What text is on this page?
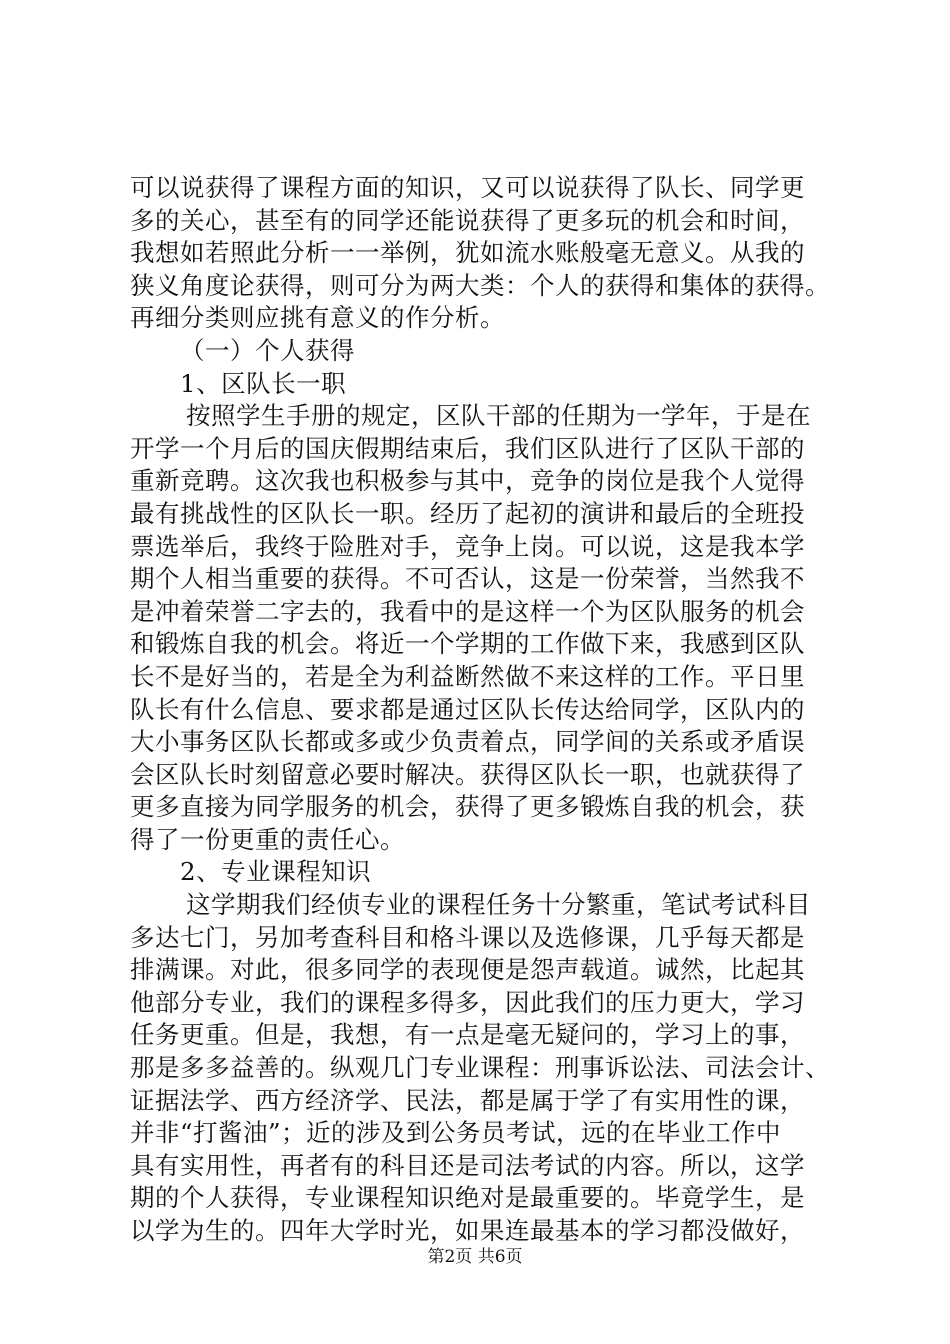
可以说获得了课程方面的知识，又可以说获得了队长、同学更
多的关心，甚至有的同学还能说获得了更多玩的机会和时间，
我想如若照此分析一一举例，犹如流水账般毫无意义。从我的
狭义角度论获得，则可分为两大类：个人的获得和集体的获得。
再细分类则应挑有意义的作分析。
（一）个人获得
1、区队长一职
按照学生手册的规定，区队干部的任期为一学年，于是在
开学一个月后的国庆假期结束后，我们区队进行了区队干部的
重新竞聘。这次我也积极参与其中，竞争的岗位是我个人觉得
最有挑战性的区队长一职。经历了起初的演讲和最后的全班投
票选举后，我终于险胜对手，竞争上岗。可以说，这是我本学
期个人相当重要的获得。不可否认，这是一份荣誉，当然我不
是冲着荣誉二字去的，我看中的是这样一个为区队服务的机会
和锻炼自我的机会。将近一个学期的工作做下来，我感到区队
长不是好当的，若是全为利益断然做不来这样的工作。平日里
队长有什么信息、要求都是通过区队长传达给同学，区队内的
大小事务区队长都或多或少负责着点，同学间的关系或矛盾误
会区队长时刻留意必要时解决。获得区队长一职，也就获得了
更多直接为同学服务的机会，获得了更多锻炼自我的机会，获
得了一份更重的责任心。
2、专业课程知识
这学期我们经侦专业的课程任务十分繁重，笔试考试科目
多达七门，另加考查科目和格斗课以及选修课，几乎每天都是
排满课。对此，很多同学的表现便是怨声载道。诚然，比起其
他部分专业，我们的课程多得多，因此我们的压力更大，学习
任务更重。但是，我想，有一点是毫无疑问的，学习上的事，
那是多多益善的。纵观几门专业课程：刑事诉讼法、司法会计、
证据法学、西方经济学、民法，都是属于学了有实用性的课，
并非“打酱油”；近的涉及到公务员考试，远的在毕业工作中
具有实用性，再者有的科目还是司法考试的内容。所以，这学
期的个人获得，专业课程知识绝对是最重要的。毕竟学生，是
以学为生的。四年大学时光，如果连最基本的学习都没做好，
第2页 共6页
